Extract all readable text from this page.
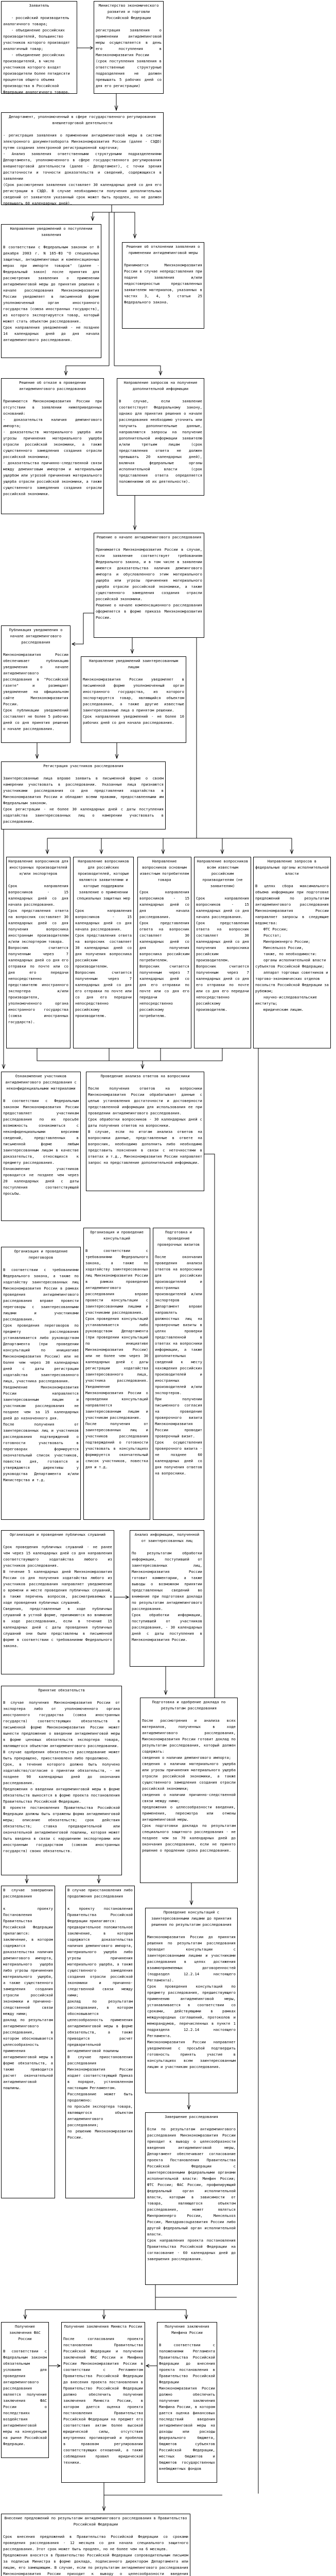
Заявитель
- российский производитель аналогичного товара;
- объединение российских производителей, большинство участников которого производят аналогичный товар;
- объединение российских производителей, в число участников которого входят производители более пятидесяти процентов общего объема производства в Российской Федерации аналогичного товара.
Министерство экономического развития и торговли Российской Федерации
регистрация заявления о применении антидемпинговой меры осуществляется в день его поступления в Минэкономразвития России
(срок поступления заявления в ответственные структурные подразделения не должен превышать 5 рабочих дней со дня его регистрации)
Департамент, уполномоченный в сфере государственного регулирования внешнеторговой деятельности
- регистрация заявления о применении антидемпинговой меры в системе электронного документооборота Минэкономразвития России (далее - СЭДО) путем создания электронной регистрационной карточки;
- Анализ заявления ответственными структурными подразделениями Департамента, уполномоченного в сфере государственного регулирования внешнеторговой деятельности (далее - Департамент), с точки зрения достаточности и точности доказательств и сведений, содержащихся в заявлении
(Срок рассмотрения заявления составляет 30 календарных дней со дня его регистрации в СЭДО. В случае необходимости получения дополнительных сведений от заявителя указанный срок может быть продлен, но не должен превышать 60 календарных дней).
Направление уведомлений о поступлении заявления
В соответствии с Федеральным законом от 8 декабря 2003 г. N 165-ФЗ "О специальных защитных, антидемпинговых и компенсационных мерах при импорте товаров" (далее - Федеральный закон) после принятия для рассмотрения заявления о применении антидемпинговой меры до принятия решения о начале расследования Минэкономразвития России уведомляет в письменной форме уполномоченный орган иностранного государства (союза иностранных государств), из которого экспортируется товар, который может стать объектом расследования.
Срок направления уведомлений - не позднее 14 календарных дней до дня начала антидемпингового расследования.
Решение об отклонении заявления о применении антидемпинговой меры
Принимается Минэкономразвития России в случае непредставления при подаче заявления и/или недостоверностью представленных заявителем материалов, указанных в частях 3, 4, 5 статьи 25 Федерального закона.
Решение об отказе в проведении антидемпингового расследования
Принимается Минэкономразвития России при отсутствии в заявлении нижеприведенных оснований:
- доказательств наличия демпингового импорта;
- доказательств материального ущерба или угрозы причинения материального ущерба отрасли российской экономики, а также существенного замедления создания отрасли российской экономики;
- доказательства причинно-следственной связи между демпинговым импортом и материальным ущербом или угрозой причинения материального ущерба отрасли российской экономики, а также существенного замедления создания отрасли российской экономики.
Направление запросов на получение дополнительной информации
В случае, если заявление соответствует Федеральному закону, однако для принятия решения о начале расследования необходимо уточнить или получить дополнительные данные, направляются запросы на получение дополнительной информации заявителю и/или третьим лицам (срок представления ответа не должен превышать 20 календарных дней), включая федеральные органы исполнительной власти (срок представления ответа определяется положениями об их деятельности).
Решение о начале антидемпингового расследования
Принимается Минэкономразвития России в случае, если заявление соответствует требованиям Федерального закона, и в том числе в заявлении имеются доказательства наличия демпингового импорта и обусловленного этим материального ущерба или угрозы причинения материального ущерба отрасли российской экономики, а также существенного замедления создания отрасли российской экономики.
Решение о начале компенсационного расследования оформляется в форме приказа Минэкономразвития России.
Публикация уведомления о начале антидемпингового расследования
Минэкономразвития России обеспечивает публикацию уведомления о начале антидемпингового расследования в "Российской газете" и размещает уведомление на официальном сайте Минэкономразвития России.
Срок публикации уведомлений составляет не более 5 рабочих дней со дня принятия решения о начале расследования.
Направление уведомлений заинтересованным лицам
Минэкономразвития России уведомляет в письменной форме уполномоченный орган иностранного государства, из которого экспортируется товар, являющийся объектом расследования, а также другие известные заинтересованные лица о принятом решении.
Срок направления уведомлений - не более 10 рабочих дней со дня начала расследования.
Регистрация участников расследования
Заинтересованные лица вправе заявить в письменной форме о своем намерении участвовать в расследовании. Указанные лица признаются участниками расследования со дня представления ходатайства в Минэкономразвития России и обладают всеми правами, предоставленными им Федеральным законом.
Срок регистрации - не более 30 календарных дней с даты поступления ходатайства заинтересованных лиц о намерении участвовать в расследовании.
Направление вопросников для иностранных производителей и/или экспортеров
Срок направления вопросников - 15 календарных дней со дня начала расследования.
Срок представления ответа на вопросник составляет 30 календарных дней со дня получения вопросника иностранным производителем и/или экспортером товара.
Вопросник считается полученным через 7 календарных дней со дня его отправки по почте или со дня его передачи непосредственно представителю иностранного экспортера и/или производителя, уполномоченного органа иностранного государства (союза иностранных государств).
Направление вопросников для российских производителей, которые являются заявителями и которые поддержали заявление о применении специальных защитных мер
Срок направления вопросников - 15 календарных дней со дня начала расследования.
Срок представления ответа на вопросник составляет 30 календарных дней со дня получения вопросника российским производителем.
Вопросник считается полученным через 7 календарных дней со дня его отправки по почте или со дня его передачи непосредственно российскому производителю.
Направление вопросников основным известным потребителям товара
Срок направления вопросников - 15 календарных дней со дня начала расследования.
Срок представления ответа на вопросник составляет 30 календарных дней со дня получения вопросника российским потребителем.
Вопросник считается полученным через 7 календарных дней со дня его отправки по почте или со дня его передачи непосредственно российскому потребителю.
Направление вопросников всем известным российским производителям (не заявителям)
Срок направления вопросников - 15 календарных дней со дня начала расследования.
Срок представления ответа на вопросник составляет 30 календарных дней со дня получения вопросника российским производителем.
Вопросник считается полученным через 7 календарных дней со дня его отправки по почте или со дня его передачи непосредственно российскому производителю.
Направление запросов в федеральные органы исполнительной власти
В целях сбора максимального объема информации при подготовке предложений по результатам антидемпингового расследования Минэкономразвития России направляет запросы в следующие ведомства:
ФТС России;
Росстат;
Минпромэнерго России;
Минсельхоз России,
также, по необходимости:
органы исполнительной власти субъектов Российской Федерации;
аппарат торговых советников и торгово-экономических отделов посольств Российской Федерации за рубежом;
научно-исследовательские институты;
юридическим лицам.
Ознакомление участников антидемпингового расследования с неконфиденциальными материалами
В соответствии с Федеральным законом Минэкономразвития России предоставляет участникам расследования по их просьбе возможность ознакомиться с неконфиденциальными версиями сведений, представленных в письменной форме любым заинтересованным лицом в качестве доказательств, относящихся к предмету расследования.
Ознакомление участников проводится не позднее чем через 20 календарных дней с даты поступления соответствующей просьбы.
Проведение анализа ответов на вопросники
После получения ответов на вопросники Минэкономразвития России обрабатывает данные с целью установления достаточности и достоверности представленной информации для использования ее при проведении антидемпингового расследования.
Срок обработки вопросников - 30 календарных дней с даты получения ответов на вопросники.
В случае, если по итогам анализа ответов на вопросники данные, представленные в ответе на вопросник, необходимо дополнить либо необходимо представить пояснения в связи с неточностями в ответах и т.д., Минэкономразвития России направляет запрос на представление дополнительной информации.
Организация и проведение переговоров
В соответствии с требованиями Федерального закона, а также по ходатайству заинтересованных лиц Минэкономразвития России в рамках проведения антидемпингового расследования вправе провести переговоры с заинтересованными лицами и участниками расследования.
Срок проведения переговоров по предмету расследования устанавливается либо руководством Департамента (при проведении консультаций по инициативе Минэкономразвития России) или не более чем через 30 календарных дней с даты регистрации ходатайства заинтересованного лица, участника расследования.
Уведомление Минэкономразвития России направляется заинтересованным лицам и участникам расследования не позднее чем за 15 календарных дней до назначенного дня.
После получения от заинтересованных лиц и участников расследования подтверждений о готовности участвовать в переговорах формируется окончательный список участников, повестка дня, готовятся и утверждаются директивы у руководства Департамента и/или Министерства и т.д.
Организация и проведение консультаций
В соответствии с требованиями Федерального закона, а также по ходатайству заинтересованных лиц Минэкономразвития России в рамках проведения антидемпингового расследования вправе провести консультации с заинтересованными лицами и участниками расследования.
Срок проведения консультаций устанавливается либо руководством Департамента (при проведении консультаций по инициативе Минэкономразвития России) или не более чем через 30 календарных дней с даты регистрации ходатайства заинтересованного лица, участника расследования. Уведомление Минэкономразвития России о проведении консультаций направляется заинтересованным лицам и участникам расследования.
После получения от заинтересованных лиц и участников расследования подтверждений о готовности участвовать в консультациях формируется окончательный список участников, повестка дня и т.д.
Подготовка и проведение проверочных визитов
После окончания проведения анализа ответов на вопросники для российских производителей и иностранных производителей и/или экспортеров Департамент вправе направлять должностных лиц на проверочные визиты в целях проверки представленной в ответах на вопросники информации, а также дополнительных сведений к месту нахождения российских производителей и иностранных производителей и/или экспортеров.
При получении письменного согласия на проведение проверочного визита Минэкономразвития России проводит проверочный визит.
Срок осуществления проверочного визита - не позднее 60 календарных дней со дня получения ответов на вопросники.
Организация и проведение публичных слушаний
Срок проведения публичных слушаний - не ранее чем через 15 календарных дней со дня направления соответствующего ходатайства любого из участников расследования.
В течение 5 календарных дней Минэкономразвития России со дня получения ходатайства любого из участников расследования направляет уведомление о времени и месте проведения публичных слушаний, а также перечень вопросов, рассматриваемых в ходе проведения публичных слушаний.
Сведения, представленные в ходе публичных слушаний в устной форме, принимаются во внимание в ходе расследования, если в течение 15 календарных дней с даты проведения публичных слушаний они были представлены в письменной форме в соответствии с требованиями Федерального закона.
Анализ информации, полученной от заинтересованных лиц
По результатам обработки информации, поступившей от заинтересованных лиц, Минэкономразвития России готовит комментарии, а также выводы о возможном принятии представленных сведений во внимание при подготовке доклада по результатам антидемпингового расследования.
Срок обработки информации, поступившей от участников расследования, - 30 календарных дней с даты поступления в Минэкономразвития России.
Принятие обязательств
В случае получения Минэкономразвития России от экспортера либо от уполномоченного органа иностранного государства (союза иностранных государств) соответствующих обязательств в письменной форме Минэкономразвития России может вынести предложение о введении антидемпинговой меры в форме ценовых обязательств экспортера товара, являющегося объектом антидемпингового расследовании.
В случае одобрения обязательств расследование может быть прекращено, приостановлено либо продолжено.
Срок, в течение которого должно быть получено ходатайство/согласие о принятии обязательств, - не позднее 90 календарных дней до окончания расследования.
Предложения о введении антидемпинговой меры в форме обязательств выносятся в форме проекта постановления Правительства Российской Федерации.
В проекте постановления Правительства Российской Федерации должны быть отражены форма антидемпинговой меры; описание обязательств; срок действия обязательств; ставка предварительной или окончательной антидемпинговой пошлины, которая может быть введена в связи с нарушением экспортерами или иностранным государством (союзом иностранных государств) своих обязательств.
Подготовка и одобрение доклада по результатам расследования
После рассмотрения и анализа всех материалов, полученных в ходе антидемпингового расследования, Минэкономразвития России готовит доклад по результатам расследования, который должен содержать:
сведения о наличии демпингового импорта;
сведения о наличии материального ущерба или угрозы причинения материального ущерба отрасли российской экономики, а также существенного замедления создания отрасли российской экономики;
сведения о наличии причинно-следственной связи между ними;
предложения о целесообразности введения, применения, пересмотра или отмены антидемпинговой меры.
Срок подготовки доклада по результатам специального защитного расследования - не позднее чем за 70 календарных дней до окончания расследования, если не принято решение о продлении срока расследования.
В случае завершения расследования
к проекту Постановления Правительства Российской Федерации прилагаются:
заключение, в котором содержатся доказательства наличия демпингового импорта, материального ущерба либо угрозы причинения материального ущерба, а также существенного замедления создания отрасли российской экономики и причинно-следственной связи между ними;
доклад по результатам антидемпингового расследования, в котором обосновывается целесообразность применения антидемпинговой меры в форме обязательств, а также приводится расчет окончательной антидемпинговой пошлины.
В случае приостановления либо продолжения расследования
к проекту постановления Правительства Российской Федерации прилагаются:
предварительное положительное заключение, в котором содержатся доказательства наличия демпингового импорта, материального ущерба либо угрозы причинения материального ущерба, а также существенного замедления создания отрасли российской экономики и причинно-следственной связи между ними;
доклад по результатам расследования, в котором обосновывается целесообразность применения антидемпинговой меры в форме обязательств, а также приводится расчет предварительной антидемпинговой пошлины
В случае приостановления расследования Минэкономразвития России издает соответствующий Приказ в порядке, установленном настоящим Регламентом.
Расследование может быть продолжено:
по просьбе экспортера товара, являющегося объектом антидемпингового расследования;
по решению Минэкономразвития России.
Проведение консультаций с заинтересованными лицами до принятия решения по результатам расследования
Минэкономразвития России до принятия решения по результатам расследования проводит консультации с заинтересованными лицами и участниками расследования в целях достижения взаимоприемлемых договоренностей (подраздел 12.2.14 настоящего Регламента).
Срок проведения консультаций по предмету расследования, предшествующего применению антидемпинговой меры, устанавливается в соответствии со сроками, действующими в рамках международных соглашений, протоколов и меморандумов, перечисленных в пункте 1 подраздела 12.2.14 настоящего Регламента.
Минэкономразвития России направляет уведомление с просьбой подтвердить готовность принять участие в консультациях всем заинтересованным лицам и участникам расследования.
Завершение расследования
Если по результатам антидемпингового расследования Минэкономразвития России приходит к выводу о целесообразности введения антидемпинговой меры, Департамент обеспечивает согласование проекта Постановления Правительства Российской Федерации с заинтересованными федеральными органами исполнительной власти: Минфин России; ФТС России; ФАС России, профилирующий федеральный орган исполнительной власти, которым в зависимости от товара, являющегося объектом расследования, может являться Минпромэнерго России, Минсельхоз России, Минздравсоцразвития России либо другой федеральный орган исполнительной власти.
Срок направления проекта постановления Правительства Российской Федерации на согласование - 60 календарных дней до завершения расследования.
Получение заключения ФАС России
В соответствии с Федеральным законом обязательным условием для проведения антидемпингового расследования является получение заключения ФАС России о последствиях воздействия антидемпинговой меры на конкуренцию на рынке Российской Федерации.
Получение заключения Минюста России
После согласования проекта постановления Правительства Российской Федерации и получения заключений ФАС России и Минфина России Минэкономразвития России в соответствии с Регламентом Правительства Российской Федерации до внесения проекта постановления в Правительство Российской Федерации должно обеспечить получение заключения Минюста России, в котором дается оценка проекта постановления Правительства Российской Федерации на предмет его соответствия актам более высокой юридической силы, отсутствия внутренних противоречий и пробелов в правовом регулировании соответствующих отношений, а также соблюдения правил юридической техники.
Получение заключения Минфина России
В соответствии с положениями Регламента Правительства Российской Федерации до внесения проекта постановления в Правительство Российской Федерации Минэкономразвития России должно обеспечить получение заключения Минфина России, в котором дается оценка финансовых последствий введения антидемпинговой меры на доходы или расходы федерального бюджета, бюджетов субъектов Российской Федерации, местных бюджетов и бюджетов государственных внебюджетных фондов
Внесение предложений по результатам антидемпингового расследования в Правительство Российской Федерации
Срок внесения предложений в Правительство Российской Федерации со сроками проведения расследования - 12 месяцев со дня начала специального защитного расследования. Этот срок может быть продлен, но не более чем на 6 месяцев.
Предложения вносятся в Правительство Российской Федерации сопроводительным письмом за подписью Министра в форме доклада, подписанного директором Департамента или лицом, его замещающим. В случае, если по результатам антидемпингового расследования Минэкономразвития России приходит к выводу о целесообразности введения
